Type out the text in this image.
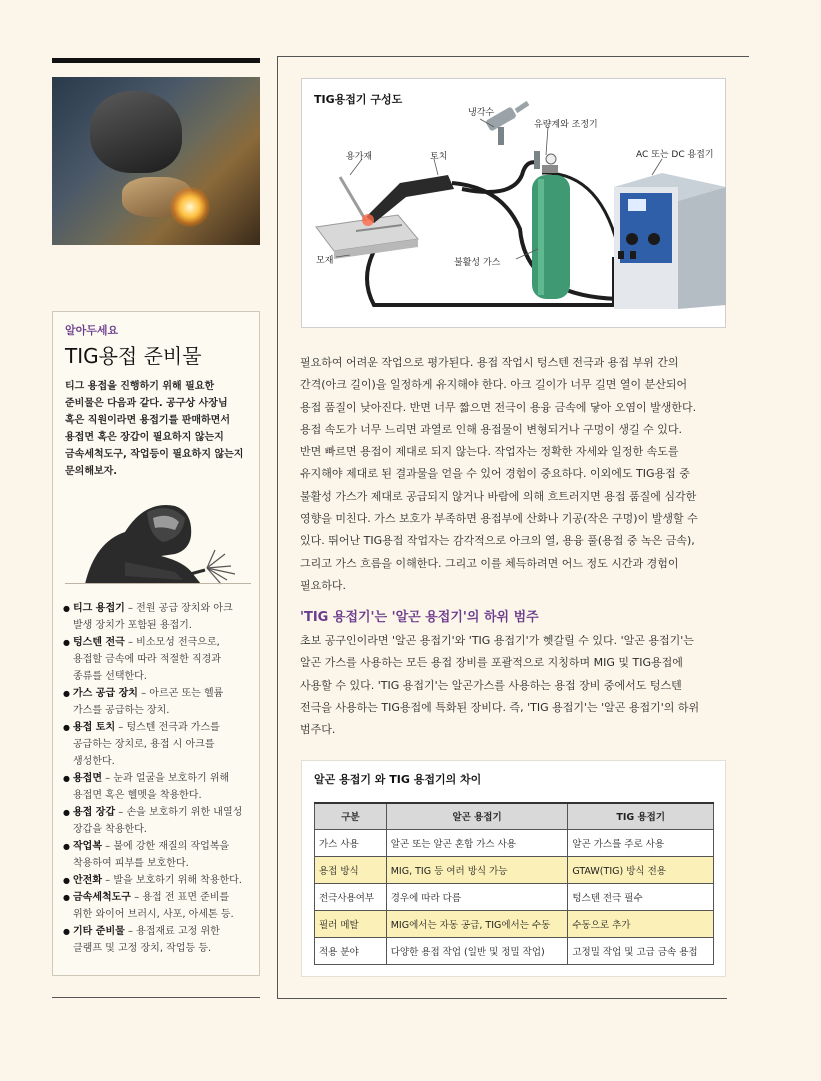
알아두세요
TIG용접 준비물
티그 용접을 진행하기 위해 필요한
준비물은 다음과 같다. 공구상 사장님
혹은 직원이라면 용접기를 판매하면서
용접면 혹은 장갑이 필요하지 않는지
금속세척도구, 작업등이 필요하지 않는지
문의해보자.
● 티그 용접기 – 전원 공급 장치와 아크
발생 장치가 포함된 용접기.
● 텅스텐 전극 – 비소모성 전극으로,
용접할 금속에 따라 적절한 직경과
종류를 선택한다.
● 가스 공급 장치 – 아르곤 또는 헬륨
가스를 공급하는 장치.
● 용접 토치 – 텅스텐 전극과 가스를
공급하는 장치로, 용접 시 아크를
생성한다.
● 용접면 – 눈과 얼굴을 보호하기 위해
용접면 혹은 헬멧을 착용한다.
● 용접 장갑 – 손을 보호하기 위한 내열성
장갑을 착용한다.
● 작업복 – 불에 강한 재질의 작업복을
착용하여 피부를 보호한다.
● 안전화 – 발을 보호하기 위해 착용한다.
● 금속세척도구 – 용접 전 표면 준비를
위한 와이어 브러시, 사포, 아세톤 등.
● 기타 준비물 – 용접재료 고정 위한
클램프 및 고정 장치, 작업등 등.
TIG용접기 구성도
냉각수
유량계와 조정기
용가재	토치	AC 또는 DC 용접기
모재	불활성 가스
필요하여 어려운 작업으로 평가된다. 용접 작업시 텅스텐 전극과 용접 부위 간의
간격(아크 길이)을 일정하게 유지해야 한다. 아크 길이가 너무 길면 열이 분산되어
용접 품질이 낮아진다. 반면 너무 짧으면 전극이 용융 금속에 닿아 오염이 발생한다.
용접 속도가 너무 느리면 과열로 인해 용접물이 변형되거나 구멍이 생길 수 있다.
반면 빠르면 용접이 제대로 되지 않는다. 작업자는 정확한 자세와 일정한 속도를
유지해야 제대로 된 결과물을 얻을 수 있어 경험이 중요하다. 이외에도 TIG용접 중
불활성 가스가 제대로 공급되지 않거나 바람에 의해 흐트러지면 용접 품질에 심각한
영향을 미친다. 가스 보호가 부족하면 용접부에 산화나 기공(작은 구멍)이 발생할 수
있다. 뛰어난 TIG용접 작업자는 감각적으로 아크의 열, 용융 풀(용접 중 녹은 금속),
그리고 가스 흐름을 이해한다. 그리고 이를 체득하려면 어느 정도 시간과 경험이
필요하다.
'TIG 용접기'는 '알곤 용접기'의 하위 범주
초보 공구인이라면 '알곤 용접기'와 'TIG 용접기'가 헷갈릴 수 있다. '알곤 용접기'는
알곤 가스를 사용하는 모든 용접 장비를 포괄적으로 지칭하며 MIG 및 TIG용접에
사용할 수 있다. 'TIG 용접기'는 알곤가스를 사용하는 용접 장비 중에서도 텅스텐
전극을 사용하는 TIG용접에 특화된 장비다. 즉, 'TIG 용접기'는 '알곤 용접기'의 하위
범주다.
알곤 용접기 와 TIG 용접기의 차이
구분	알곤 용접기	TIG 용접기
가스 사용	알곤 또는 알곤 혼합 가스 사용	알곤 가스를 주로 사용
용접 방식	MIG, TIG 등 여러 방식 가능	GTAW(TIG) 방식 전용
전극사용여부	경우에 따라 다름	텅스텐 전극 필수
필러 메탈	MIG에서는 자동 공급, TIG에서는 수동	수동으로 추가
적용 분야	다양한 용접 작업 (일반 및 정밀 작업)	고정밀 작업 및 고급 금속 용접
